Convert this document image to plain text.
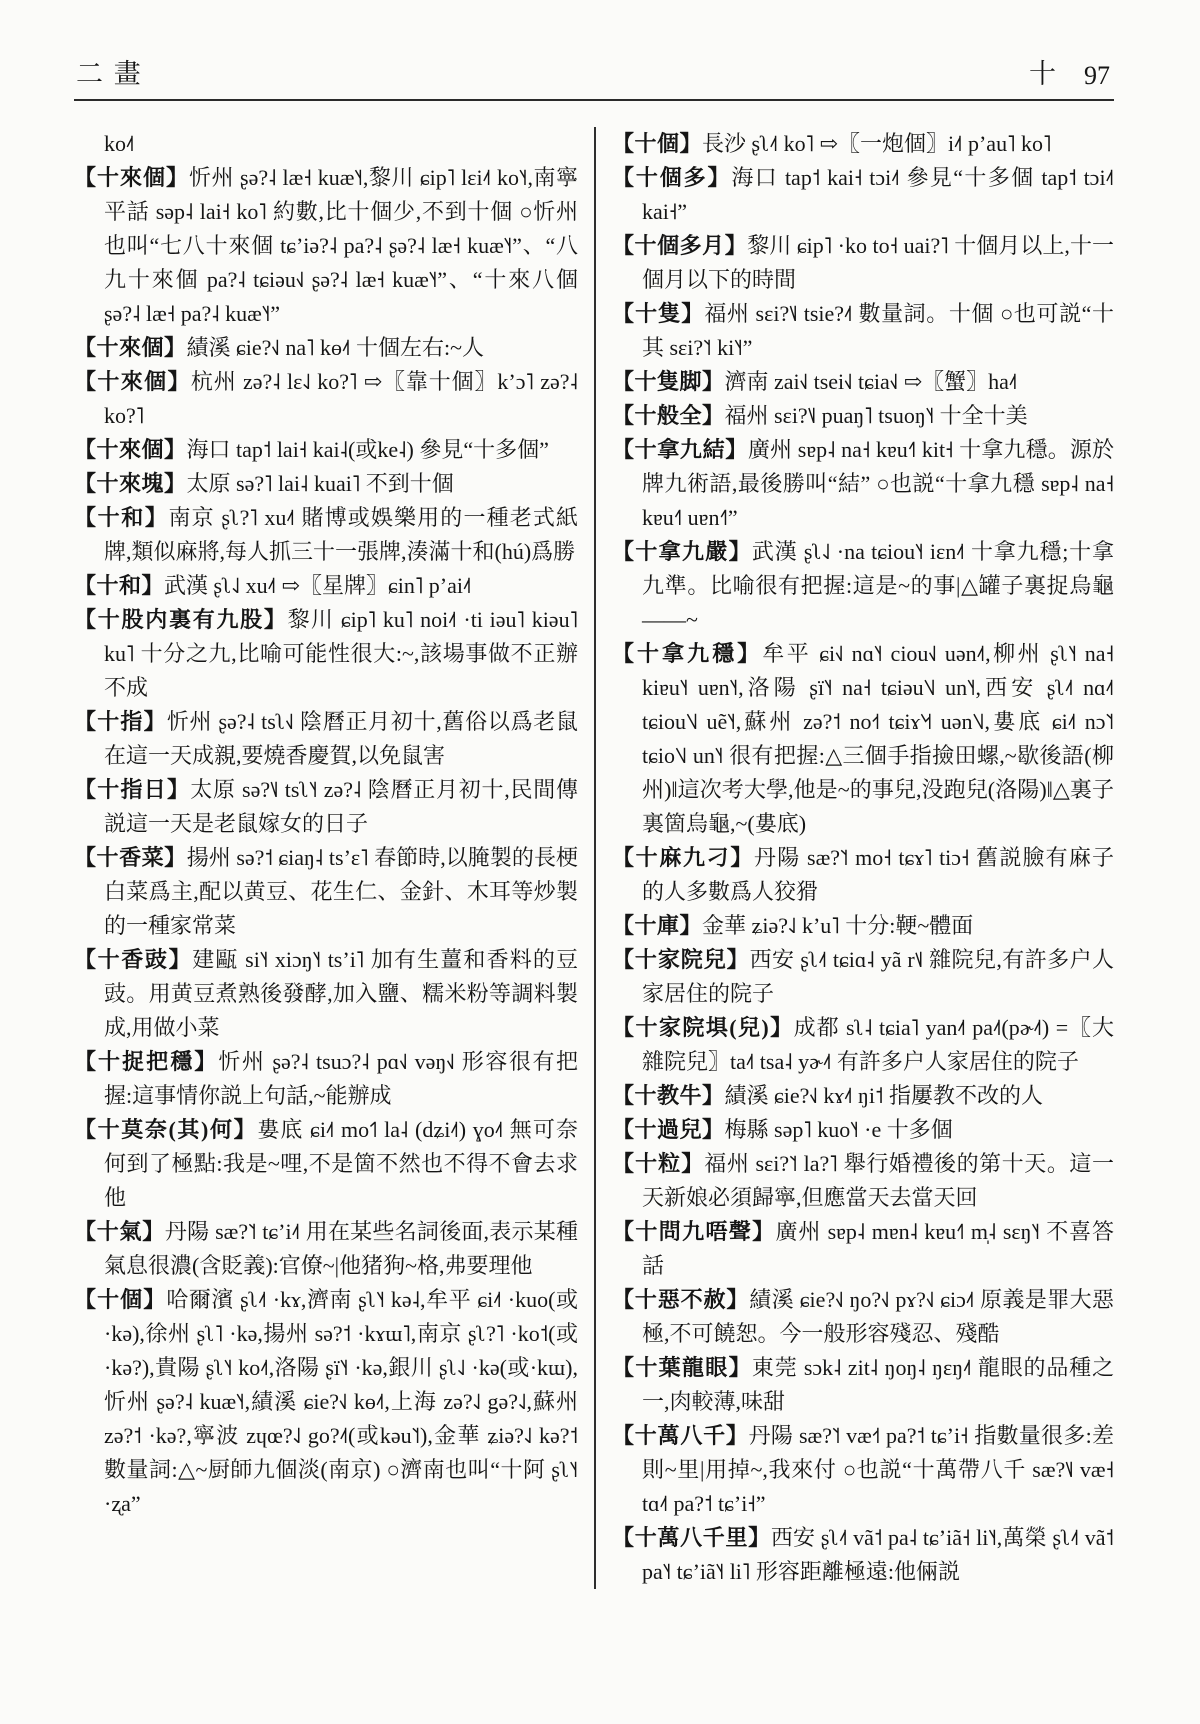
二 畫	十 97

ko˨˦

【十來個】忻州 ʂə?˨ læ˧ kuæ˥˧,黎川 ɕip˥ lɛi˨˦ ko˥˧,南寧平話 səp˨ lai˧ ko˥ 約數,比十個少,不到十個 ○忻州也叫“七八十來個 tɕ’iə?˨ pa?˨ ʂə?˨ læ˧ kuæ˥˧”、“八九十來個 pa?˨ tɕiəu˧˩ ʂə?˨ læ˧ kuæ˥˧”、“十來八個 ʂə?˨ læ˧ pa?˨ kuæ˥˧”

【十來個】績溪 ɕie?˧˩ na˥ kɵ˨˦ 十個左右:~人

【十來個】杭州 zə?˨ lɛ˨˩ ko?˥ ⇨〖靠十個〗k’ɔ˥ zə?˨ ko?˥

【十來個】海口 tap˦ lai˧ kai˨(或ke˨) 參見“十多個”

【十來塊】太原 sə?˥ lai˨ kuai˥ 不到十個

【十和】南京 ʂʅ?˥ xu˨˦ 賭博或娛樂用的一種老式紙牌,類似麻將,每人抓三十一張牌,湊滿十和(hú)爲勝

【十和】武漢 ʂʅ˨˩ xu˨˦ ⇨〖星牌〗ɕin˥ p’ai˨˦

【十股内裏有九股】黎川 ɕip˥ ku˥ noi˨˦ ·ti iəu˥ kiəu˥ ku˥ 十分之九,比喻可能性很大:~,該場事做不正辦不成

【十指】忻州 ʂə?˨ tsʅ˧˩ 陰曆正月初十,舊俗以爲老鼠在這一天成親,要燒香慶賀,以免鼠害

【十指日】太原 sə?˥˩ tsʅ˥˧ zə?˨ 陰曆正月初十,民間傳説這一天是老鼠嫁女的日子

【十香菜】揚州 sə?˦ ɕiaŋ˨ ts’ɛ˥ 春節時,以腌製的長梗白菜爲主,配以黄豆、花生仁、金針、木耳等炒製的一種家常菜

【十香豉】建甌 si˥˧ xiɔŋ˥˧ ts’i˥ 加有生薑和香料的豆豉。用黄豆煮熟後發酵,加入鹽、糯米粉等調料製成,用做小菜

【十捉把穩】忻州 ʂə?˨ tsuɔ?˨ pɑ˧˩ vəŋ˧˩ 形容很有把握:這事情你説上句話,~能辦成

【十莫奈(其)何】婁底 ɕi˨˦ mo˦˥ la˨ (dʑi˨˦) ɣo˨˦ 無可奈何到了極點:我是~哩,不是箇不然也不得不會去求他

【十氣】丹陽 sæ?˥˦ tɕ’i˨˦ 用在某些名詞後面,表示某種氣息很濃(含貶義):官僚~|他猪狗~格,弗要理他

【十個】哈爾濱 ʂʅ˨˦ ·kɤ,濟南 ʂʅ˥˧ kə˨,牟平 ɕi˨˦ ·kuo(或·kə),徐州 ʂʅ˥ ·kə,揚州 sə?˦ ·kɤɯ˥,南京 ʂʅ?˥ ·ko˦(或·kə?),貴陽 ʂʅ˥˧ ko˨˦,洛陽 ʂï˥˧ ·kə,銀川 ʂʅ˨˩ ·kə(或·kɯ),忻州 ʂə?˨ kuæ˥˧,績溪 ɕie?˧˩ kɵ˨˦,上海 zə?˨˩ gə?˨˩,蘇州 zə?˦ ·kə?,寧波 zɥœ?˨˩ go?˨˦(或kəu˥˦),金華 ʑiə?˨˩ kə?˦ 數量詞:△~厨師九個淡(南京) ○濟南也叫“十阿 ʂʅ˥˧ ·ʐa”

【十個】長沙 ʂʅ˨˦ ko˥ ⇨〖一炮個〗i˨˦ p’au˥ ko˥

【十個多】海口 tap˦ kai˧ tɔi˨˦ 參見“十多個 tap˦ tɔi˨˦ kai˧”

【十個多月】黎川 ɕip˥ ·ko to˧ uai?˥ 十個月以上,十一個月以下的時間

【十隻】福州 sɛi?˥˩ tsie?˨˦ 數量詞。十個 ○也可説“十其 sɛi?˥˦ ki˥˧”

【十隻脚】濟南 zai˧˩ tsei˧˩ tɕia˧˩ ⇨〖蟹〗ha˨˦

【十般全】福州 sɛi?˥˩ puaŋ˥ tsuoŋ˥˧ 十全十美

【十拿九結】廣州 sɐp˨ na˧ kɐu˧˥ kit˧ 十拿九穩。源於牌九術語,最後勝叫“結” ○也説“十拿九穩 sɐp˨ na˧ kɐu˧˥ uɐn˧˥”

【十拿九嚴】武漢 ʂʅ˨˩ ·na tɕiou˥˧ iɛn˨˦ 十拿九穩;十拿九準。比喻很有把握:這是~的事|△罐子裏捉烏龜——~

【十拿九穩】牟平 ɕi˧˩ nɑ˥˧ ciou˧˩ uən˨˦,柳州 ʂʅ˥˧ na˧ kiɐu˥˧ uɐn˥˧,洛陽 ʂï˥˧ na˧ tɕiəu˥˧˩ un˥˧,西安 ʂʅ˨˦ nɑ˨˦ tɕiou˥˧˩ uẽ˥˧,蘇州 zə?˦ no˧˦ tɕiɤ˥˧˦ uən˥˧˩,婁底 ɕi˨˦ nɔ˥˦ tɕio˥˧˩ un˥˧ 很有把握:△三個手指撿田螺,~歇後語(柳州)‖這次考大學,他是~的事兒,没跑兒(洛陽)‖△裏子裏箇烏龜,~(婁底)

【十麻九刁】丹陽 sæ?˥˦ mo˧ tɕɤ˥ tiɔ˧ 舊説臉有麻子的人多數爲人狡猾

【十庫】金華 ʑiə?˨˩ k’u˥ 十分:鞕~體面

【十家院兒】西安 ʂʅ˨˦ tɕiɑ˨ yã r˦˩ 雜院兒,有許多户人家居住的院子

【十家院埧(兒)】成都 sʅ˨ tɕia˥ yan˨˦ pa˨˦(pɚ˨˦) =〖大雜院兒〗ta˨˦ tsa˨ yɚ˨˦ 有許多户人家居住的院子

【十教牛】績溪 ɕie?˧˩ kɤ˨˦ ŋi˦ 指屢教不改的人

【十過兒】梅縣 səp˥ kuo˥˧ ·e 十多個

【十粒】福州 sɛi?˥˦ la?˥ 舉行婚禮後的第十天。這一天新娘必須歸寧,但應當天去當天回

【十問九唔聲】廣州 sɐp˨ mɐn˨ kɐu˧˥ m̩˨ sɛŋ˥˧ 不喜答話

【十惡不赦】績溪 ɕie?˧˩ ŋo?˧˩ pɤ?˧˩ ɕiɔ˨˦ 原義是罪大惡極,不可饒恕。今一般形容殘忍、殘酷

【十葉龍眼】東莞 sɔk˨ zit˨ ŋoŋ˨ ŋɛŋ˨˦ 龍眼的品種之一,肉較薄,味甜

【十萬八千】丹陽 sæ?˥˦ væ˧˦ pa?˦ tɕ’i˧ 指數量很多:差則~里|用掉~,我來付 ○也説“十萬帶八千 sæ?˥˩ væ˧ tɑ˨˦ pa?˦ tɕ’i˧”

【十萬八千里】西安 ʂʅ˨˦ vã˦ pa˨ tɕ’iã˧ li˥˧,萬榮 ʂʅ˨˦ vã˦ pa˥˧ tɕ’iã˥˧ li˥ 形容距離極遠:他倆説
